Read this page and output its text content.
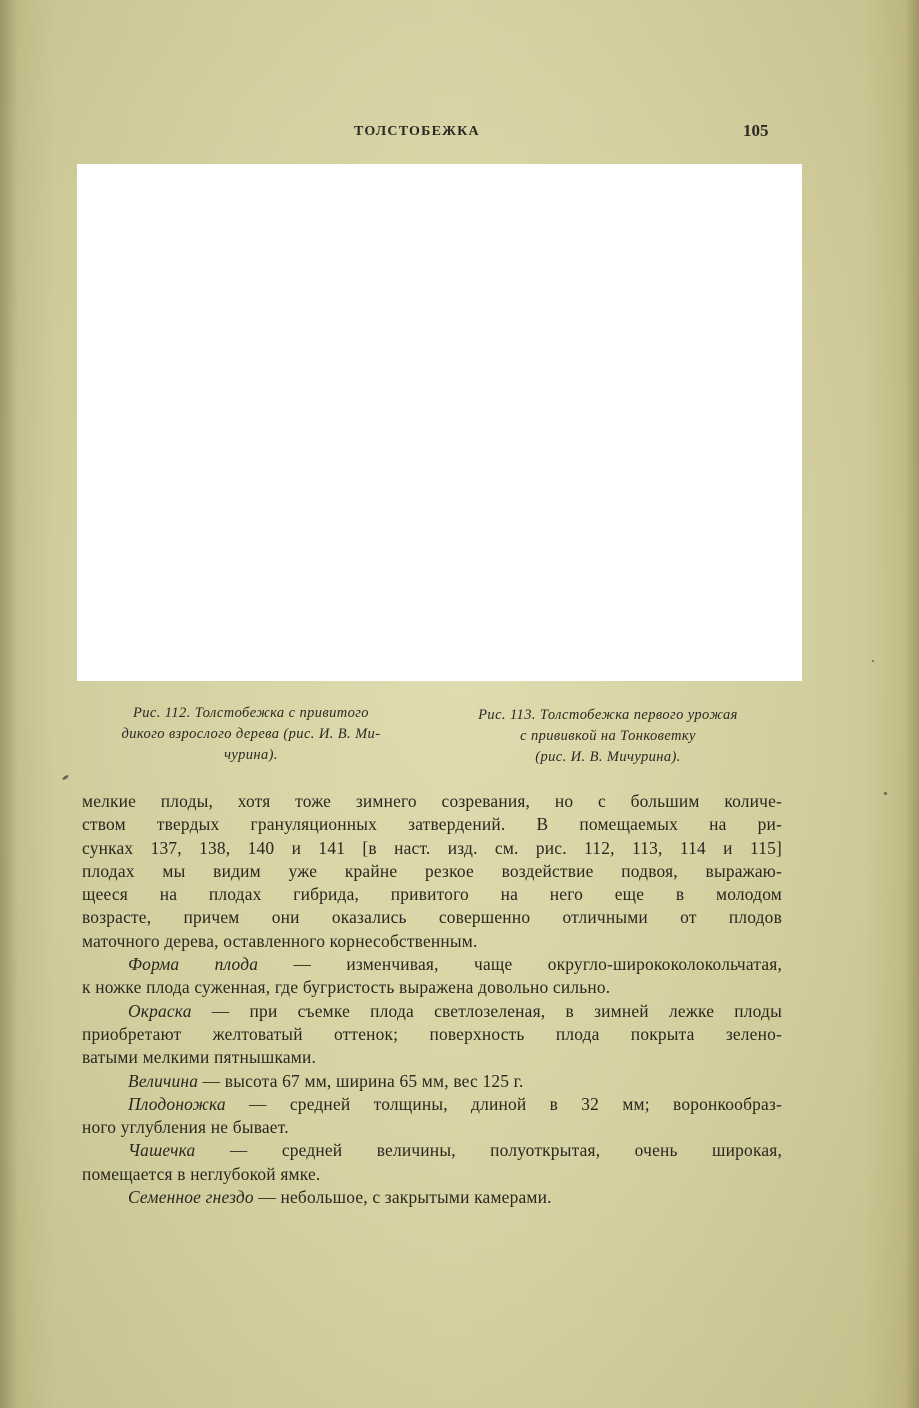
ТОЛСТОБЕЖКА	105
Рис. 112. Толстобежка с привитого
дикого взрослого дерева (рис. И. В. Ми-
чурина).
Рис. 113. Толстобежка первого урожая
с прививкой на Тонковетку
(рис. И. В. Мичурина).
мелкие плоды, хотя тоже зимнего созревания, но с большим количе-
ством твердых грануляционных затвердений. В помещаемых на ри-
сунках 137, 138, 140 и 141 [в наст. изд. см. рис. 112, 113, 114 и 115]
плодах мы видим уже крайне резкое воздействие подвоя, выражаю-
щееся на плодах гибрида, привитого на него еще в молодом
возрасте, причем они оказались совершенно отличными от плодов
маточного дерева, оставленного корнесобственным.
Форма плода — изменчивая, чаще округло-ширококолокольчатая,
к ножке плода суженная, где бугристость выражена довольно сильно.
Окраска — при съемке плода светлозеленая, в зимней лежке плоды
приобретают желтоватый оттенок; поверхность плода покрыта зелено-
ватыми мелкими пятнышками.
Величина — высота 67 мм, ширина 65 мм, вес 125 г.
Плодоножка — средней толщины, длиной в 32 мм; воронкообраз-
ного углубления не бывает.
Чашечка — средней величины, полуоткрытая, очень широкая,
помещается в неглубокой ямке.
Семенное гнездо — небольшое, с закрытыми камерами.
